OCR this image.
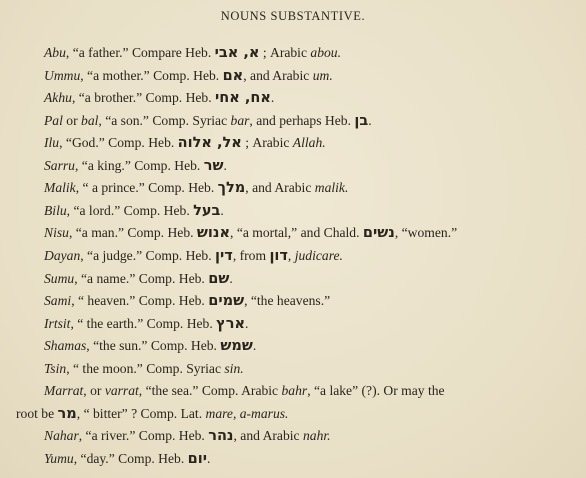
NOUNS SUBSTANTIVE.
Abu, “a father.” Compare Heb. א, אבי ; Arabic abou.
Ummu, “a mother.” Comp. Heb. אם, and Arabic um.
Akhu, “a brother.” Comp. Heb. אח, אחי.
Pal or bal, “a son.” Comp. Syriac bar, and perhaps Heb. בן.
Ilu, “God.” Comp. Heb. אל, אלוה ; Arabic Allah.
Sarru, “a king.” Comp. Heb. שר.
Malik, “ a prince.” Comp. Heb. מלך, and Arabic malik.
Bilu, “a lord.” Comp. Heb. בעל.
Nisu, “a man.” Comp. Heb. אנוש, “a mortal,” and Chald. נשים, “women.”
Dayan, “a judge.” Comp. Heb. דין, from דון, judicare.
Sumu, “a name.” Comp. Heb. שם.
Sami, “ heaven.” Comp. Heb. שמים, “the heavens.”
Irtsit, “ the earth.” Comp. Heb. ארץ.
Shamas, “the sun.” Comp. Heb. שמש.
Tsin, “ the moon.” Comp. Syriac sin.
Marrat, or varrat, “the sea.” Comp. Arabic bahr, “a lake” (?). Or may the
root be מר, “ bitter” ? Comp. Lat. mare, a-marus.
Nahar, “a river.” Comp. Heb. נהר, and Arabic nahr.
Yumu, “day.” Comp. Heb. יום.
